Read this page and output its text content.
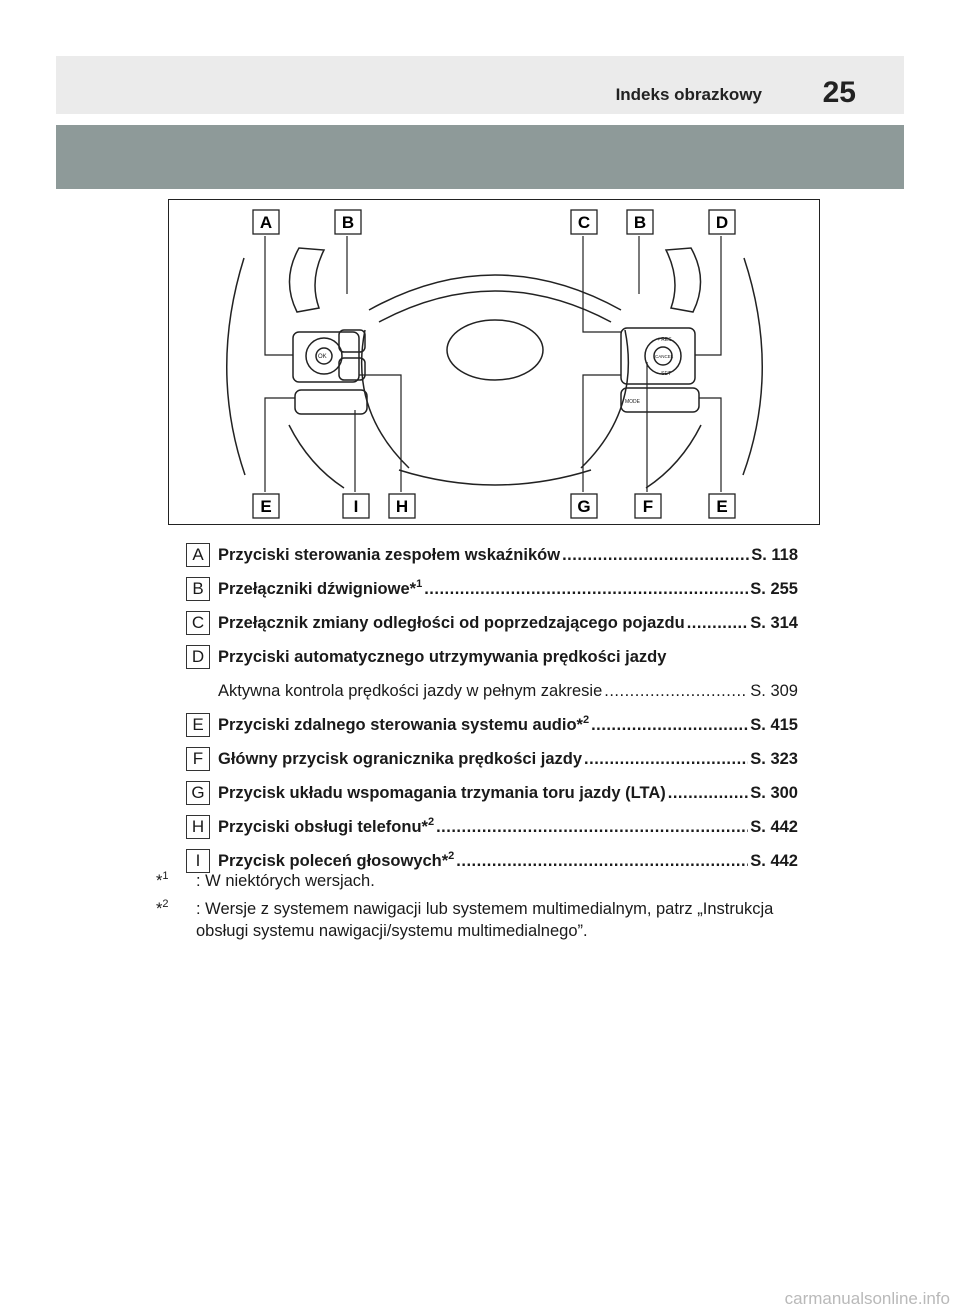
Indeks obrazkowy 25
OK	CANCEL
+ RES
– SET
MODE
A	B	C	B	D
E	I H	G	F	E
A Przyciski sterowania zespołem wskaźników .....	S. 118
B Przełączniki dźwigniowe*$^1$ .....	S. 255
C Przełącznik zmiany odległości od poprzedzającego pojazdu .....	S. 314
D Przyciski automatycznego utrzymywania prędkości jazdy
Aktywna kontrola prędkości jazdy w pełnym zakresie .....	S. 309
E Przyciski zdalnego sterowania systemu audio*$^2$ .....	S. 415
F Główny przycisk ogranicznika prędkości jazdy .....	S. 323
G Przycisk układu wspomagania trzymania toru jazdy (LTA) .....	S. 300
H Przyciski obsługi telefonu*$^2$ .....	S. 442
I	Przycisk poleceń głosowych*$^2$ .....	S. 442
*$^1$	: W niektórych wersjach.
*$^2$	: Wersje z systemem nawigacji lub systemem multimedialnym, patrz „Instrukcja obsługi systemu nawigacji/systemu multimedialnego”.
carmanualsonline.info
